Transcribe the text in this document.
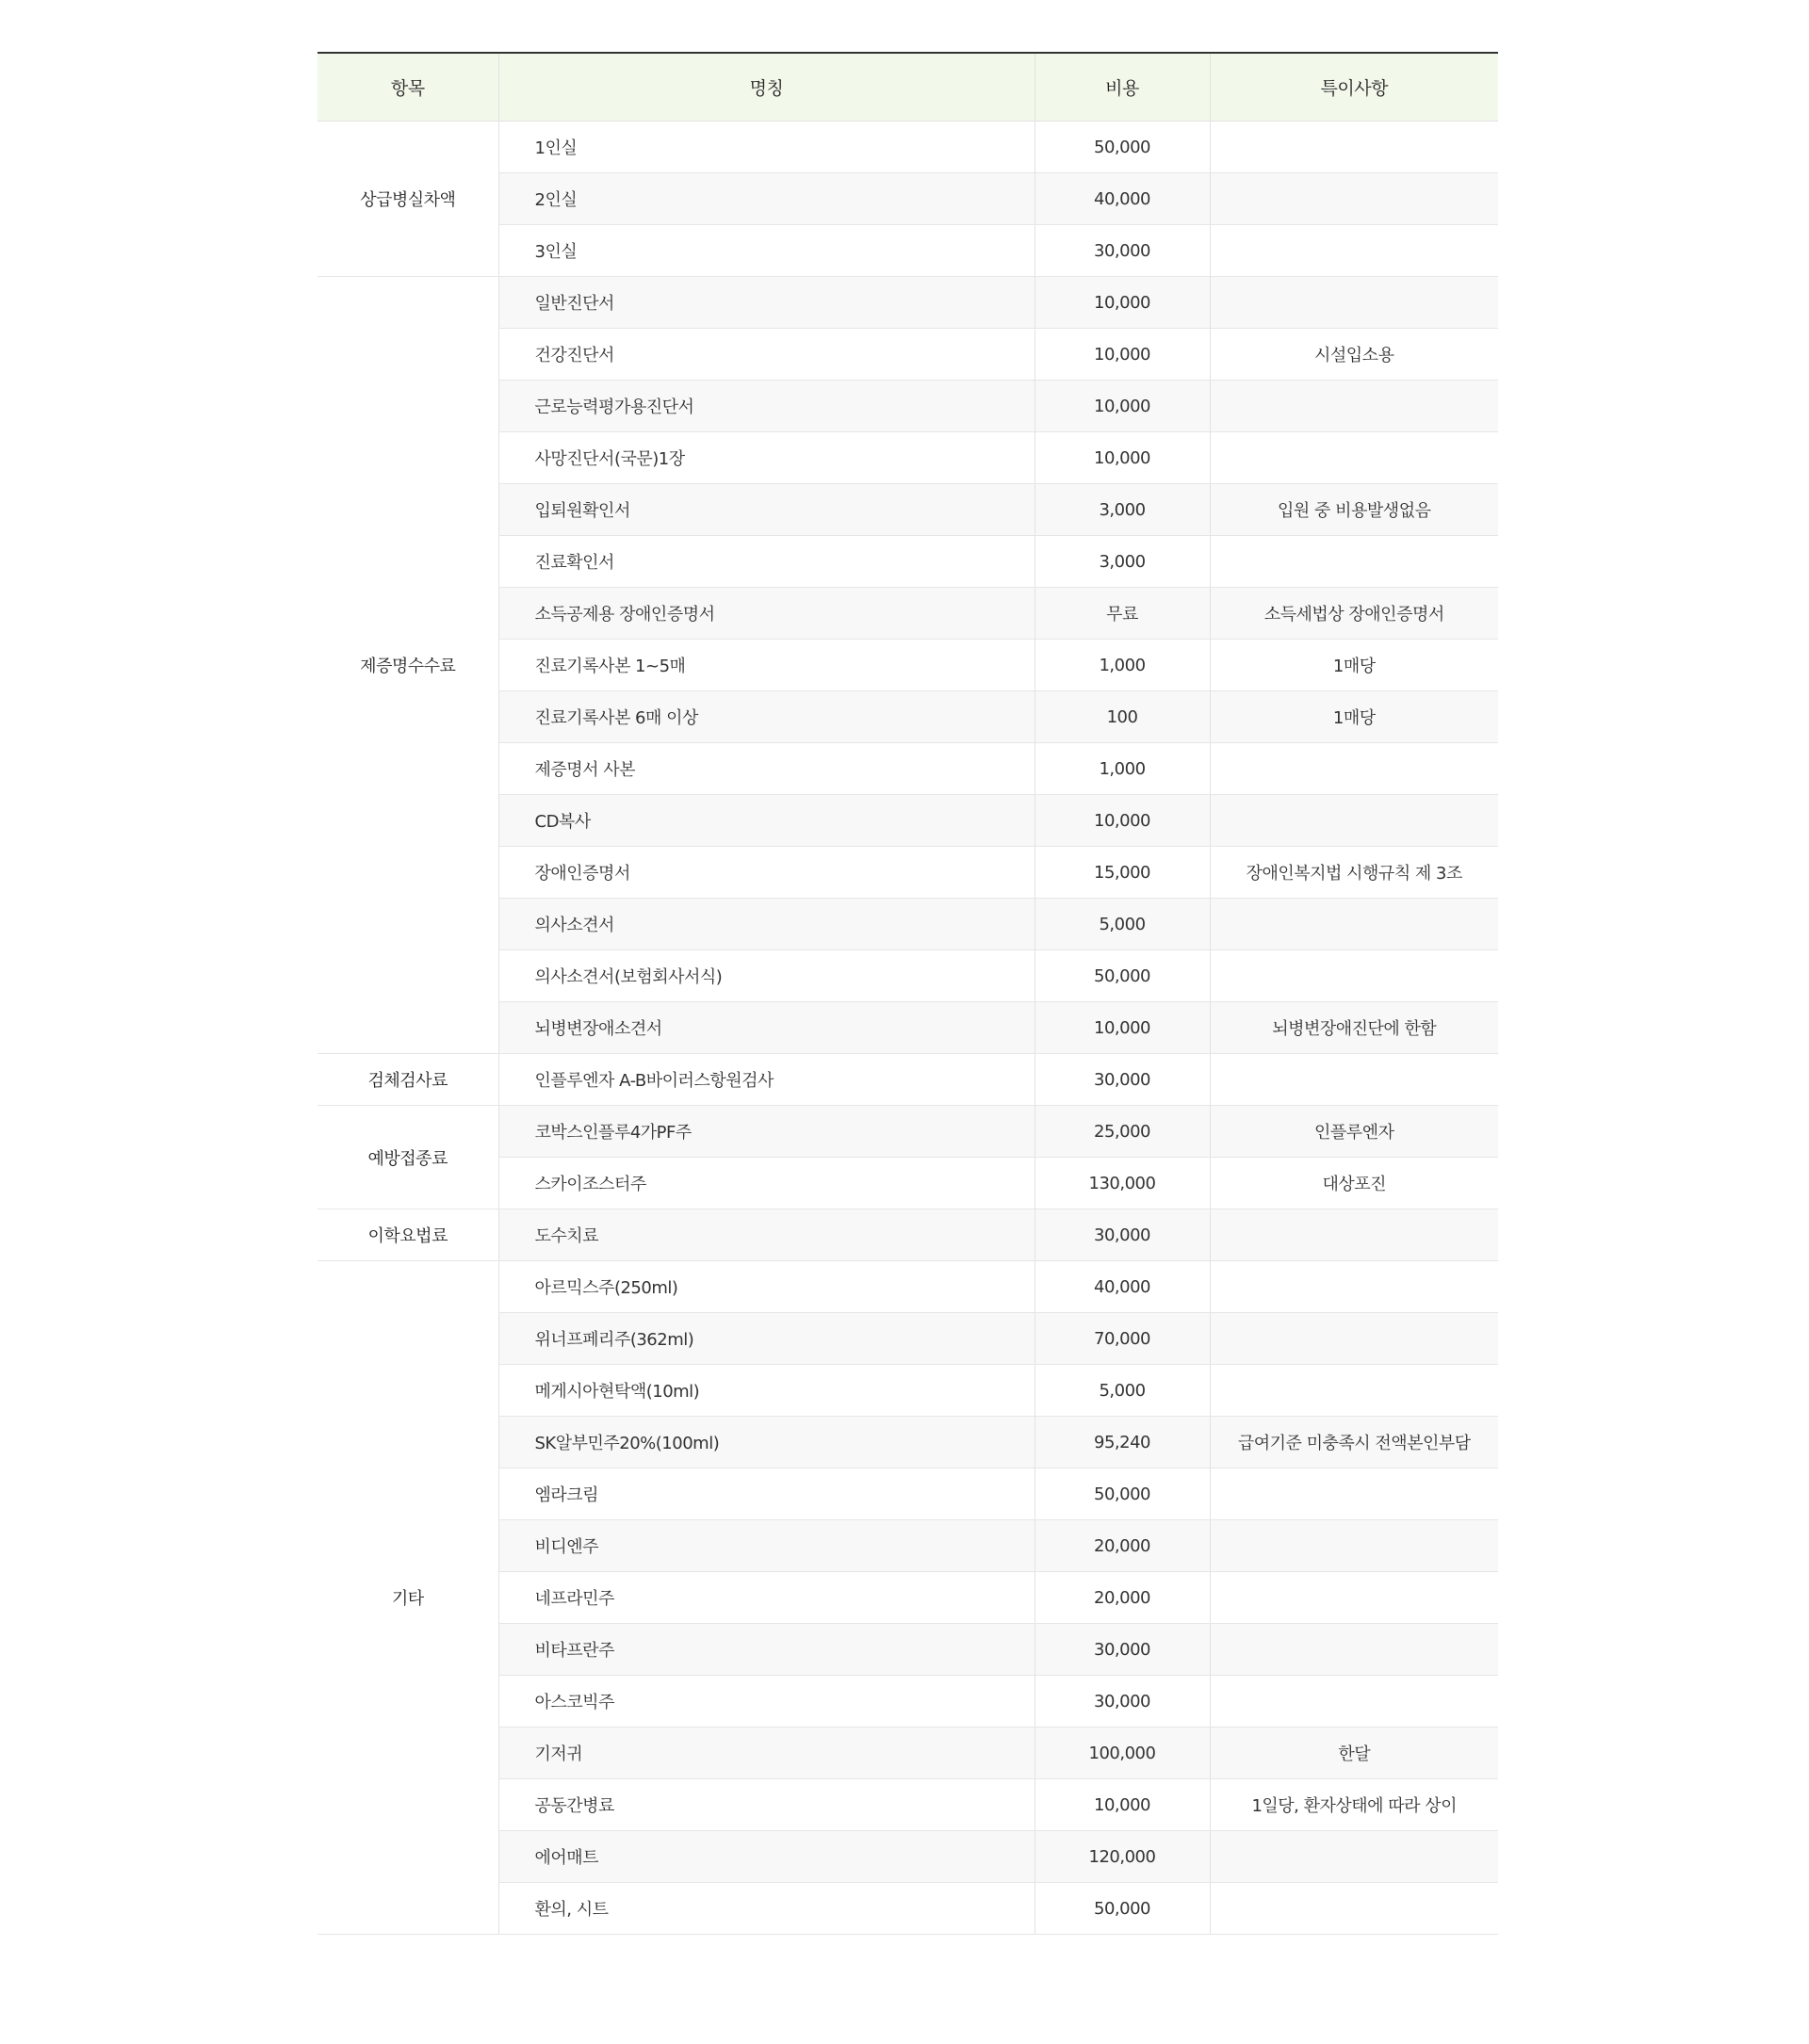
항목	명칭	비용	특이사항
상급병실차액	1인실	50,000	
	2인실	40,000	
	3인실	30,000	
제증명수수료	일반진단서	10,000	
	건강진단서	10,000	시설입소용
	근로능력평가용진단서	10,000	
	사망진단서(국문)1장	10,000	
	입퇴원확인서	3,000	입원 중 비용발생없음
	진료확인서	3,000	
	소득공제용 장애인증명서	무료	소득세법상 장애인증명서
	진료기록사본 1~5매	1,000	1매당
	진료기록사본 6매 이상	100	1매당
	제증명서 사본	1,000	
	CD복사	10,000	
	장애인증명서	15,000	장애인복지법 시행규칙 제 3조
	의사소견서	5,000	
	의사소견서(보험회사서식)	50,000	
	뇌병변장애소견서	10,000	뇌병변장애진단에 한함
검체검사료	인플루엔자 A-B바이러스항원검사	30,000	
예방접종료	코박스인플루4가PF주	25,000	인플루엔자
	스카이조스터주	130,000	대상포진
이학요법료	도수치료	30,000	
기타	아르믹스주(250ml)	40,000	
	위너프페리주(362ml)	70,000	
	메게시아현탁액(10ml)	5,000	
	SK알부민주20%(100ml)	95,240	급여기준 미충족시 전액본인부담
	엠라크림	50,000	
	비디엔주	20,000	
	네프라민주	20,000	
	비타프란주	30,000	
	아스코빅주	30,000	
	기저귀	100,000	한달
	공동간병료	10,000	1일당, 환자상태에 따라 상이
	에어매트	120,000	
	환의, 시트	50,000	
